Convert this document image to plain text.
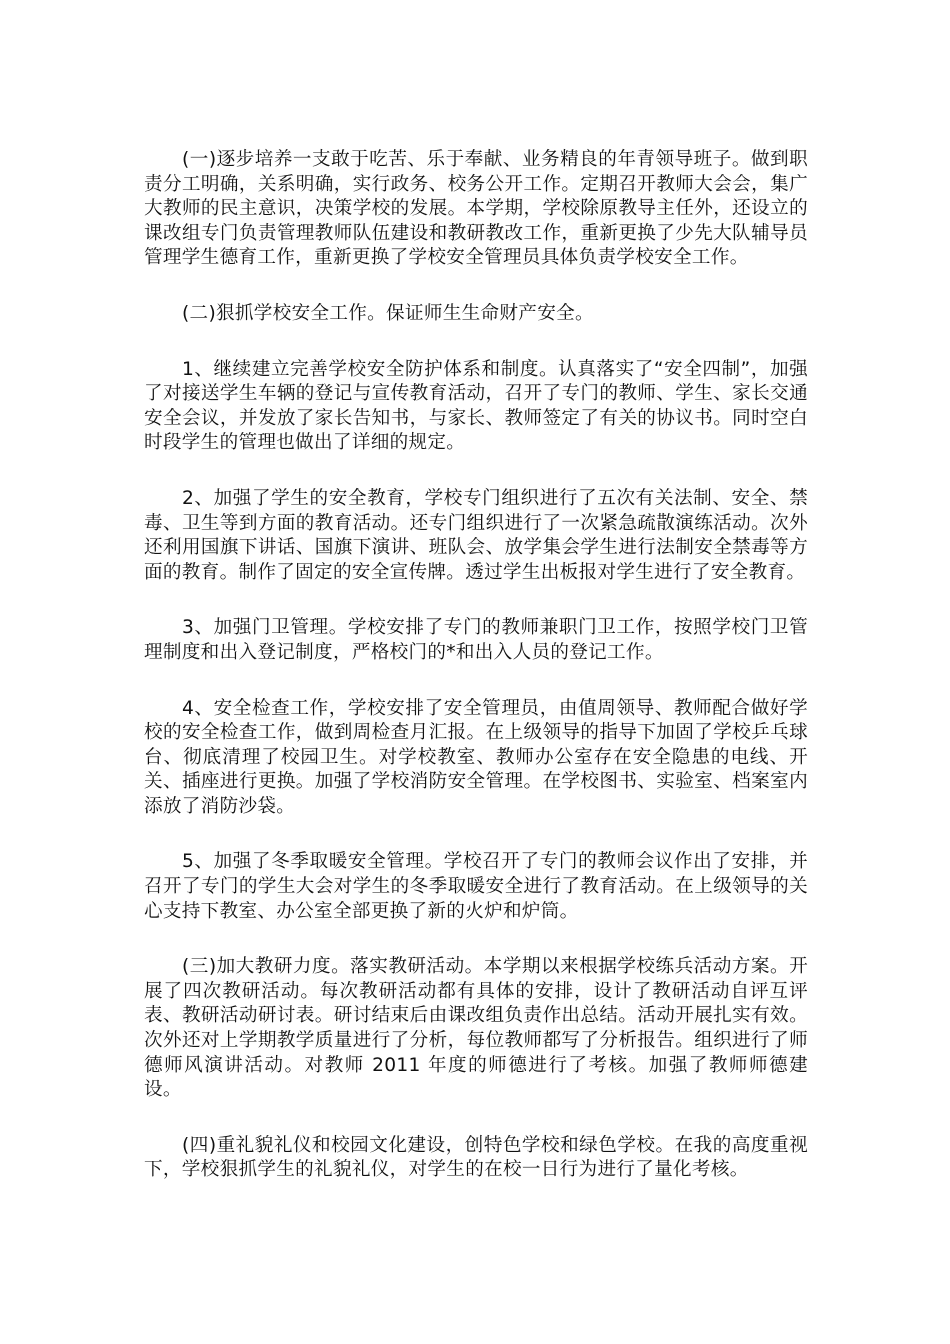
(一)逐步培养一支敢于吃苦、乐于奉献、业务精良的年青领导班子。做到职责分工明确，关系明确，实行政务、校务公开工作。定期召开教师大会会，集广大教师的民主意识，决策学校的发展。本学期，学校除原教导主任外，还设立的课改组专门负责管理教师队伍建设和教研教改工作，重新更换了少先大队辅导员管理学生德育工作，重新更换了学校安全管理员具体负责学校安全工作。

(二)狠抓学校安全工作。保证师生生命财产安全。

1、继续建立完善学校安全防护体系和制度。认真落实了“安全四制”，加强了对接送学生车辆的登记与宣传教育活动，召开了专门的教师、学生、家长交通安全会议，并发放了家长告知书，与家长、教师签定了有关的协议书。同时空白时段学生的管理也做出了详细的规定。

2、加强了学生的安全教育，学校专门组织进行了五次有关法制、安全、禁毒、卫生等到方面的教育活动。还专门组织进行了一次紧急疏散演练活动。次外还利用国旗下讲话、国旗下演讲、班队会、放学集会学生进行法制安全禁毒等方面的教育。制作了固定的安全宣传牌。透过学生出板报对学生进行了安全教育。

3、加强门卫管理。学校安排了专门的教师兼职门卫工作，按照学校门卫管理制度和出入登记制度，严格校门的*和出入人员的登记工作。

4、安全检查工作，学校安排了安全管理员，由值周领导、教师配合做好学校的安全检查工作，做到周检查月汇报。在上级领导的指导下加固了学校乒乓球台、彻底清理了校园卫生。对学校教室、教师办公室存在安全隐患的电线、开关、插座进行更换。加强了学校消防安全管理。在学校图书、实验室、档案室内添放了消防沙袋。

5、加强了冬季取暖安全管理。学校召开了专门的教师会议作出了安排，并召开了专门的学生大会对学生的冬季取暖安全进行了教育活动。在上级领导的关心支持下教室、办公室全部更换了新的火炉和炉筒。

(三)加大教研力度。落实教研活动。本学期以来根据学校练兵活动方案。开展了四次教研活动。每次教研活动都有具体的安排，设计了教研活动自评互评表、教研活动研讨表。研讨结束后由课改组负责作出总结。活动开展扎实有效。次外还对上学期教学质量进行了分析，每位教师都写了分析报告。组织进行了师德师风演讲活动。对教师 2011 年度的师德进行了考核。加强了教师师德建设。

(四)重礼貌礼仪和校园文化建设，创特色学校和绿色学校。在我的高度重视下，学校狠抓学生的礼貌礼仪，对学生的在校一日行为进行了量化考核。
